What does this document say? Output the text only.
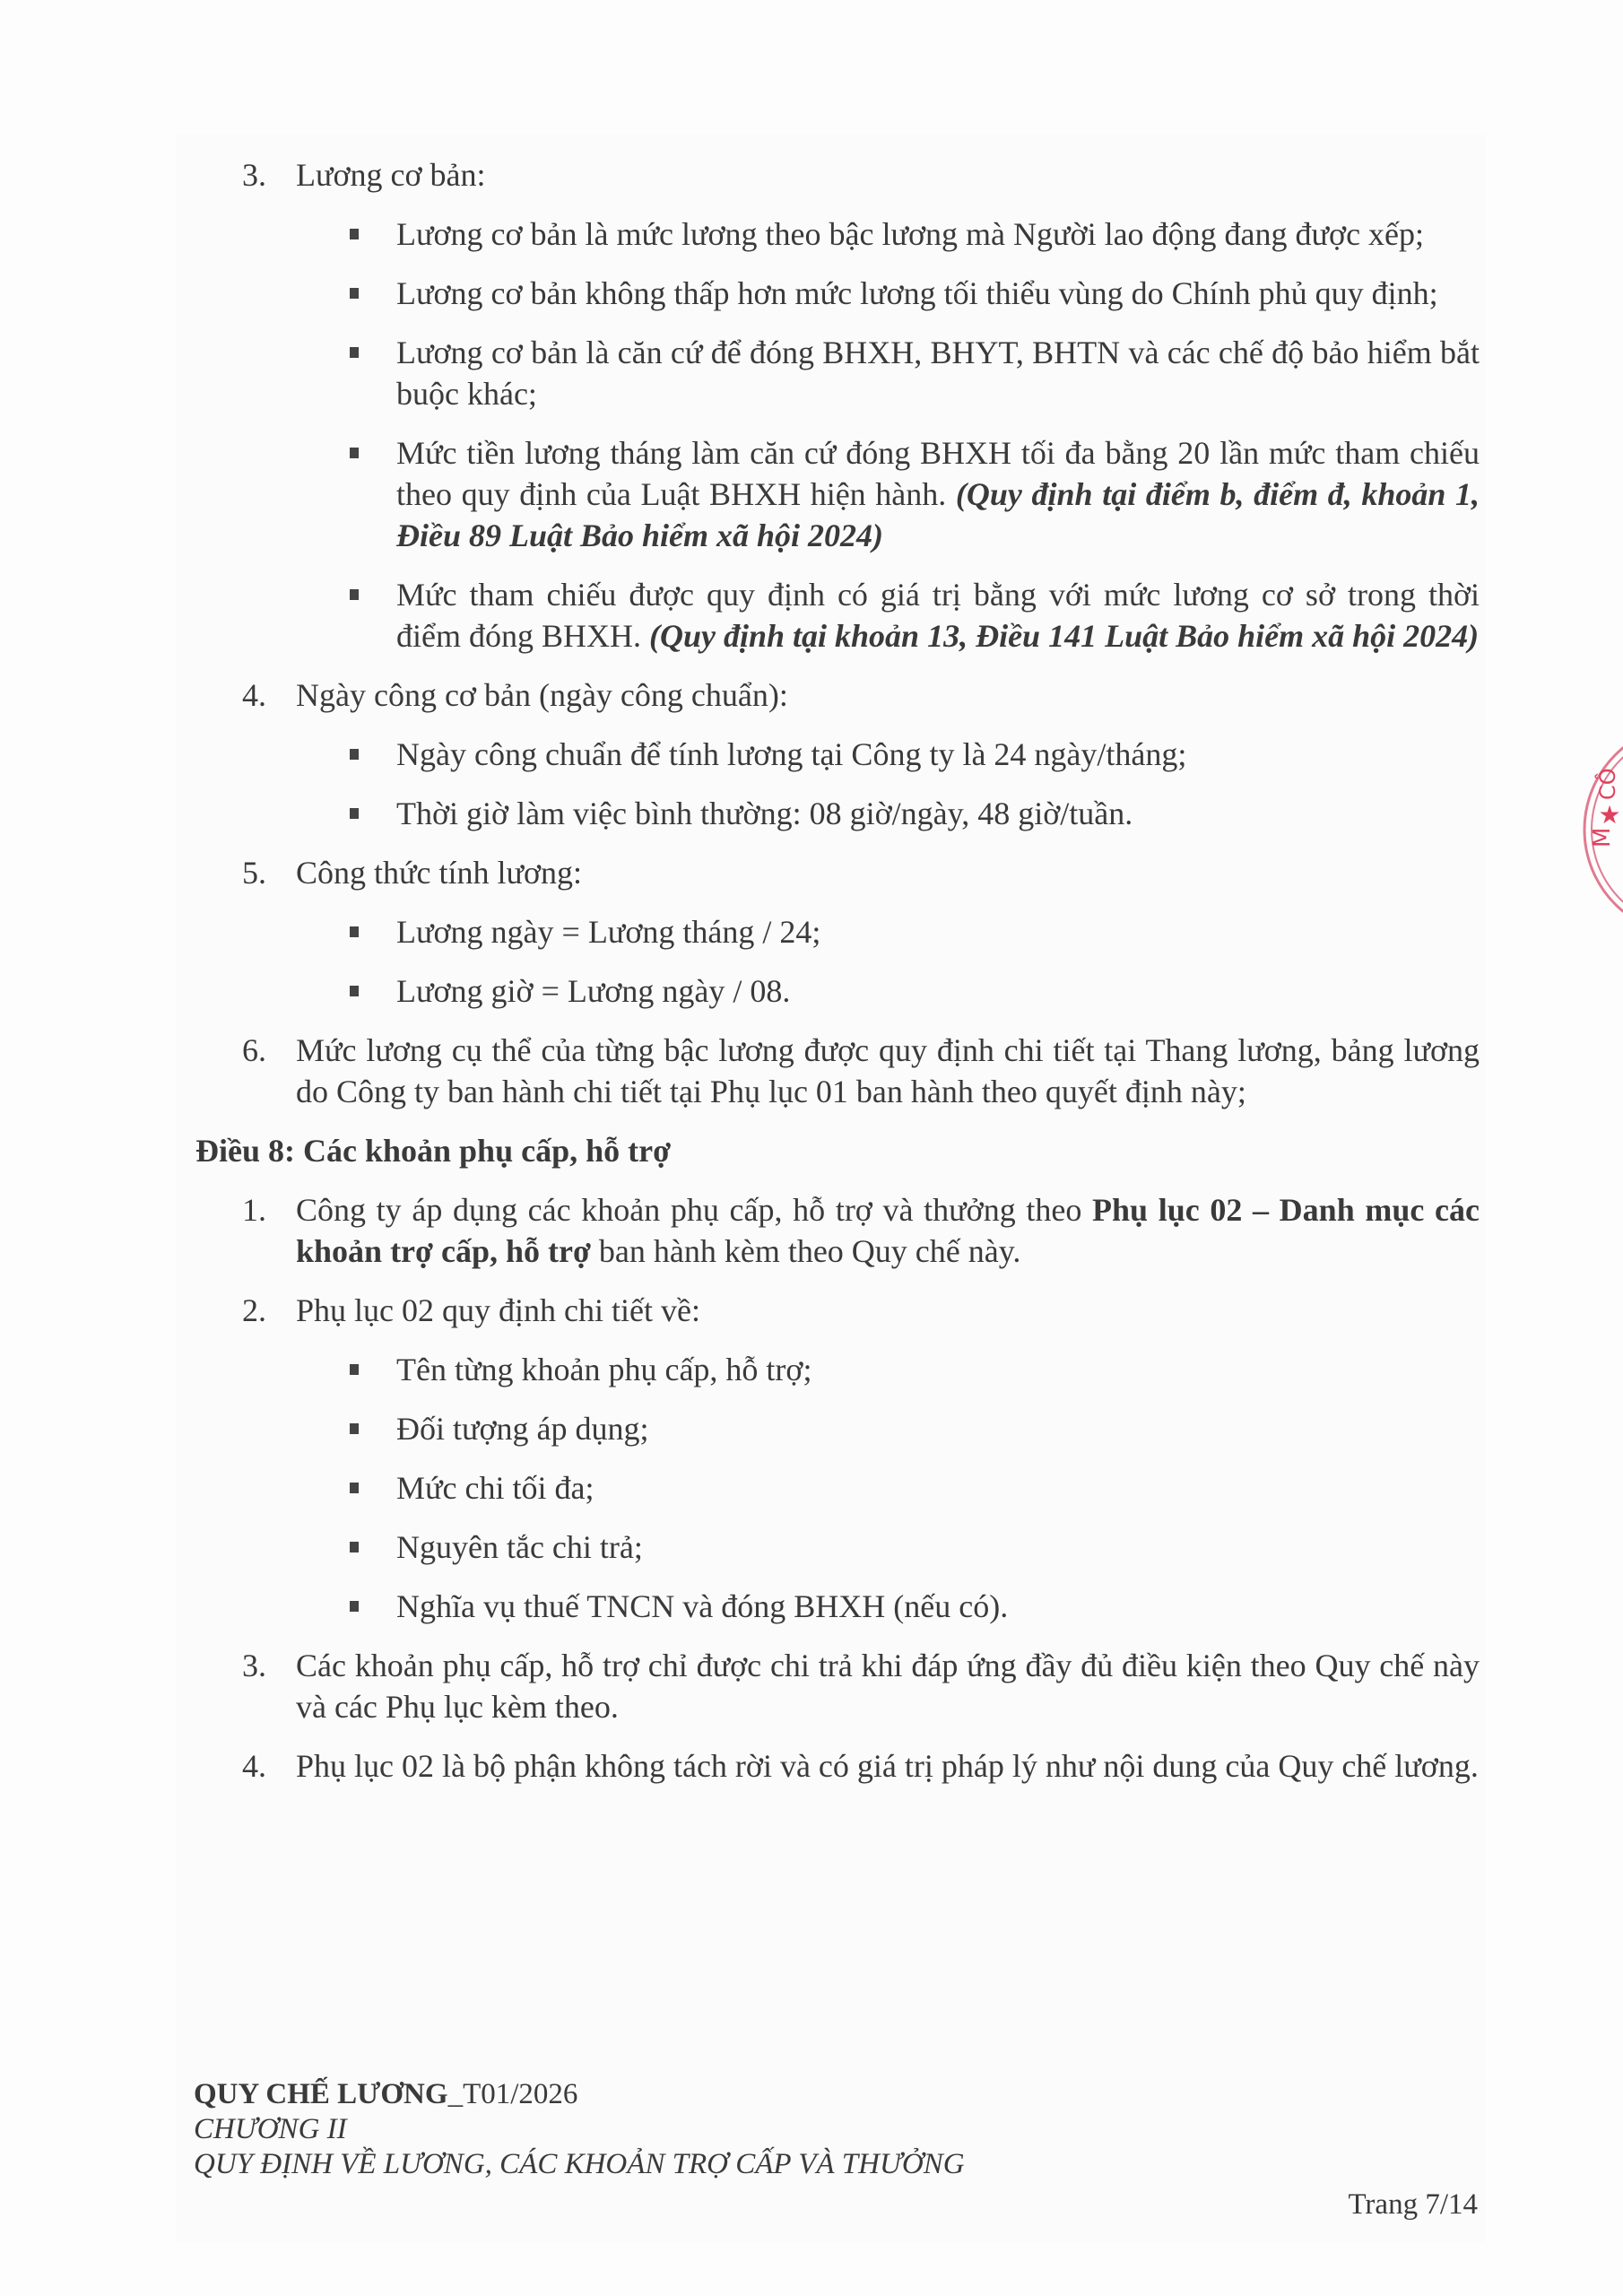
3. Lương cơ bản:
Lương cơ bản là mức lương theo bậc lương mà Người lao động đang được xếp;
Lương cơ bản không thấp hơn mức lương tối thiểu vùng do Chính phủ quy định;
Lương cơ bản là căn cứ để đóng BHXH, BHYT, BHTN và các chế độ bảo hiểm bắt buộc khác;
Mức tiền lương tháng làm căn cứ đóng BHXH tối đa bằng 20 lần mức tham chiếu theo quy định của Luật BHXH hiện hành. (Quy định tại điểm b, điểm đ, khoản 1, Điều 89 Luật Bảo hiểm xã hội 2024)
Mức tham chiếu được quy định có giá trị bằng với mức lương cơ sở trong thời điểm đóng BHXH. (Quy định tại khoản 13, Điều 141 Luật Bảo hiểm xã hội 2024)
4. Ngày công cơ bản (ngày công chuẩn):
Ngày công chuẩn để tính lương tại Công ty là 24 ngày/tháng;
Thời giờ làm việc bình thường: 08 giờ/ngày, 48 giờ/tuần.
5. Công thức tính lương:
Lương ngày = Lương tháng / 24;
Lương giờ = Lương ngày / 08.
6. Mức lương cụ thể của từng bậc lương được quy định chi tiết tại Thang lương, bảng lương do Công ty ban hành chi tiết tại Phụ lục 01 ban hành theo quyết định này;
Điều 8: Các khoản phụ cấp, hỗ trợ
1. Công ty áp dụng các khoản phụ cấp, hỗ trợ và thưởng theo Phụ lục 02 – Danh mục các khoản trợ cấp, hỗ trợ ban hành kèm theo Quy chế này.
2. Phụ lục 02 quy định chi tiết về:
Tên từng khoản phụ cấp, hỗ trợ;
Đối tượng áp dụng;
Mức chi tối đa;
Nguyên tắc chi trả;
Nghĩa vụ thuế TNCN và đóng BHXH (nếu có).
3. Các khoản phụ cấp, hỗ trợ chỉ được chi trả khi đáp ứng đầy đủ điều kiện theo Quy chế này và các Phụ lục kèm theo.
4. Phụ lục 02 là bộ phận không tách rời và có giá trị pháp lý như nội dung của Quy chế lương.
QUY CHẾ LƯƠNG_T01/2026
CHƯƠNG II
QUY ĐỊNH VỀ LƯƠNG, CÁC KHOẢN TRỢ CẤP VÀ THƯỞNG
Trang 7/14
M
★
CÔ
